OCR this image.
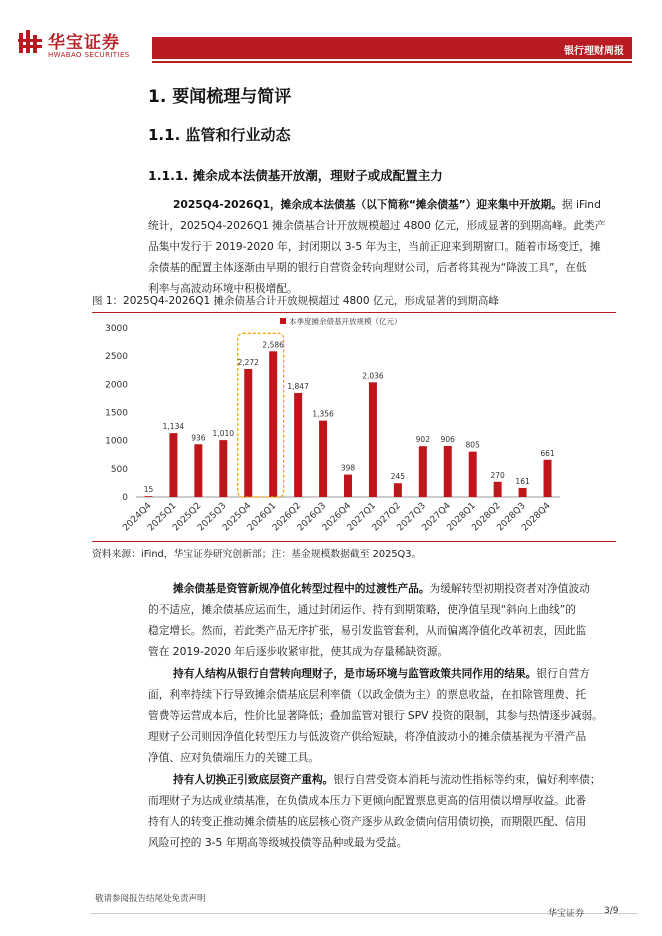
华宝证券
HWABAO SECURITIES	银行理财周报
1. 要闻梳理与简评
1.1. 监管和行业动态
1.1.1. 摊余成本法债基开放潮，理财子或成配置主力
2025Q4-2026Q1，摊余成本法债基（以下简称“摊余债基”）迎来集中开放期。据 iFind
统计，2025Q4-2026Q1 摊余债基合计开放规模超过 4800 亿元，形成显著的到期高峰。此类产
品集中发行于 2019-2020 年，封闭期以 3-5 年为主，当前正迎来到期窗口。随着市场变迁，摊
余债基的配置主体逐渐由早期的银行自营资金转向理财公司，后者将其视为“降波工具”，在低
利率与高波动环境中积极增配。
图 1：2025Q4-2026Q1 摊余债基合计开放规模超过 4800 亿元，形成显著的到期高峰
0
500
1000
1500
2000
2500
3000
本季度摊余债基开放规模（亿元）
2024Q4
2025Q1
2025Q2
2025Q3
2025Q4
2026Q1
2026Q2
2026Q3
2026Q4
2027Q1
2027Q2
2027Q3
2027Q4
2028Q1
2028Q2
2028Q3
2028Q4
15
1,134
936 1,010
2,272
2,586
1,847
1,356
398
2,036
245
902 906
805
270
161
661
资料来源：iFind，华宝证券研究创新部；注：基金规模数据截至 2025Q3。
摊余债基是资管新规净值化转型过程中的过渡性产品。为缓解转型初期投资者对净值波动
的不适应，摊余债基应运而生，通过封闭运作、持有到期策略，使净值呈现“斜向上曲线”的
稳定增长。然而，若此类产品无序扩张，易引发监管套利，从而偏离净值化改革初衷，因此监
管在 2019-2020 年后逐步收紧审批，使其成为存量稀缺资源。
持有人结构从银行自营转向理财子，是市场环境与监管政策共同作用的结果。银行自营方
面，利率持续下行导致摊余债基底层利率债（以政金债为主）的票息收益，在扣除管理费、托
管费等运营成本后，性价比显著降低；叠加监管对银行 SPV 投资的限制，其参与热情逐步减弱。
理财子公司则因净值化转型压力与低波资产供给短缺，将净值波动小的摊余债基视为平滑产品
净值、应对负债端压力的关键工具。
持有人切换正引致底层资产重构。银行自营受资本消耗与流动性指标等约束，偏好利率债；
而理财子为达成业绩基准，在负债成本压力下更倾向配置票息更高的信用债以增厚收益。此番
持有人的转变正推动摊余债基的底层核心资产逐步从政金债向信用债切换，而期限匹配、信用
风险可控的 3-5 年期高等级城投债等品种或最为受益。
敬请参阅报告结尾处免责声明
华宝证券 3/9
